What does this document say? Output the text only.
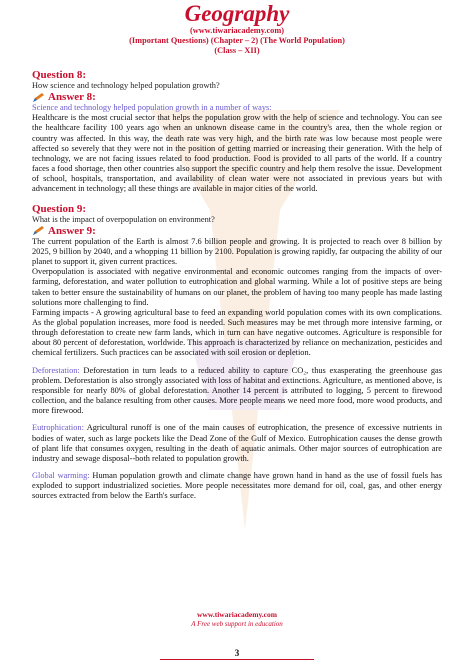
Geography
(www.tiwariacademy.com)
(Important Questions) (Chapter – 2) (The World Population)
(Class – XII)
Question 8:
How science and technology helped population growth?
Answer 8:
Science and technology helped population growth in a number of ways:

Healthcare is the most crucial sector that helps the population grow with the help of science and technology. You can see the healthcare facility 100 years ago when an unknown disease came in the country's area, then the whole region or country was affected. In this way, the death rate was very high, and the birth rate was low because most people were affected so severely that they were not in the position of getting married or increasing their generation. With the help of technology, we are not facing issues related to food production. Food is provided to all parts of the world. If a country faces a food shortage, then other countries also support the specific country and help them resolve the issue. Development of school, hospitals, transportation, and availability of clean water were not associated in previous years but with advancement in technology; all these things are available in major cities of the world.

Question 9:
What is the impact of overpopulation on environment?
Answer 9:

The current population of the Earth is almost 7.6 billion people and growing. It is projected to reach over 8 billion by 2025, 9 billion by 2040, and a whopping 11 billion by 2100. Population is growing rapidly, far outpacing the ability of our planet to support it, given current practices.

Overpopulation is associated with negative environmental and economic outcomes ranging from the impacts of over-farming, deforestation, and water pollution to eutrophication and global warming. While a lot of positive steps are being taken to better ensure the sustainability of humans on our planet, the problem of having too many people has made lasting solutions more challenging to find.

Farming impacts - A growing agricultural base to feed an expanding world population comes with its own complications. As the global population increases, more food is needed. Such measures may be met through more intensive farming, or through deforestation to create new farm lands, which in turn can have negative outcomes. Agriculture is responsible for about 80 percent of deforestation, worldwide. This approach is characterized by reliance on mechanization, pesticides and chemical fertilizers. Such practices can be associated with soil erosion or depletion.

Deforestation: Deforestation in turn leads to a reduced ability to capture CO₂, thus exasperating the greenhouse gas problem. Deforestation is also strongly associated with loss of habitat and extinctions. Agriculture, as mentioned above, is responsible for nearly 80% of global deforestation. Another 14 percent is attributed to logging, 5 percent to firewood collection, and the balance resulting from other causes. More people means we need more food, more wood products, and more firewood.

Eutrophication: Agricultural runoff is one of the main causes of eutrophication, the presence of excessive nutrients in bodies of water, such as large pockets like the Dead Zone of the Gulf of Mexico. Eutrophication causes the dense growth of plant life that consumes oxygen, resulting in the death of aquatic animals. Other major sources of eutrophication are industry and sewage disposal--both related to population growth.

Global warming: Human population growth and climate change have grown hand in hand as the use of fossil fuels has exploded to support industrialized societies. More people necessitates more demand for oil, coal, gas, and other energy sources extracted from below the Earth's surface.

www.tiwariacademy.com
A Free web support in education
3
